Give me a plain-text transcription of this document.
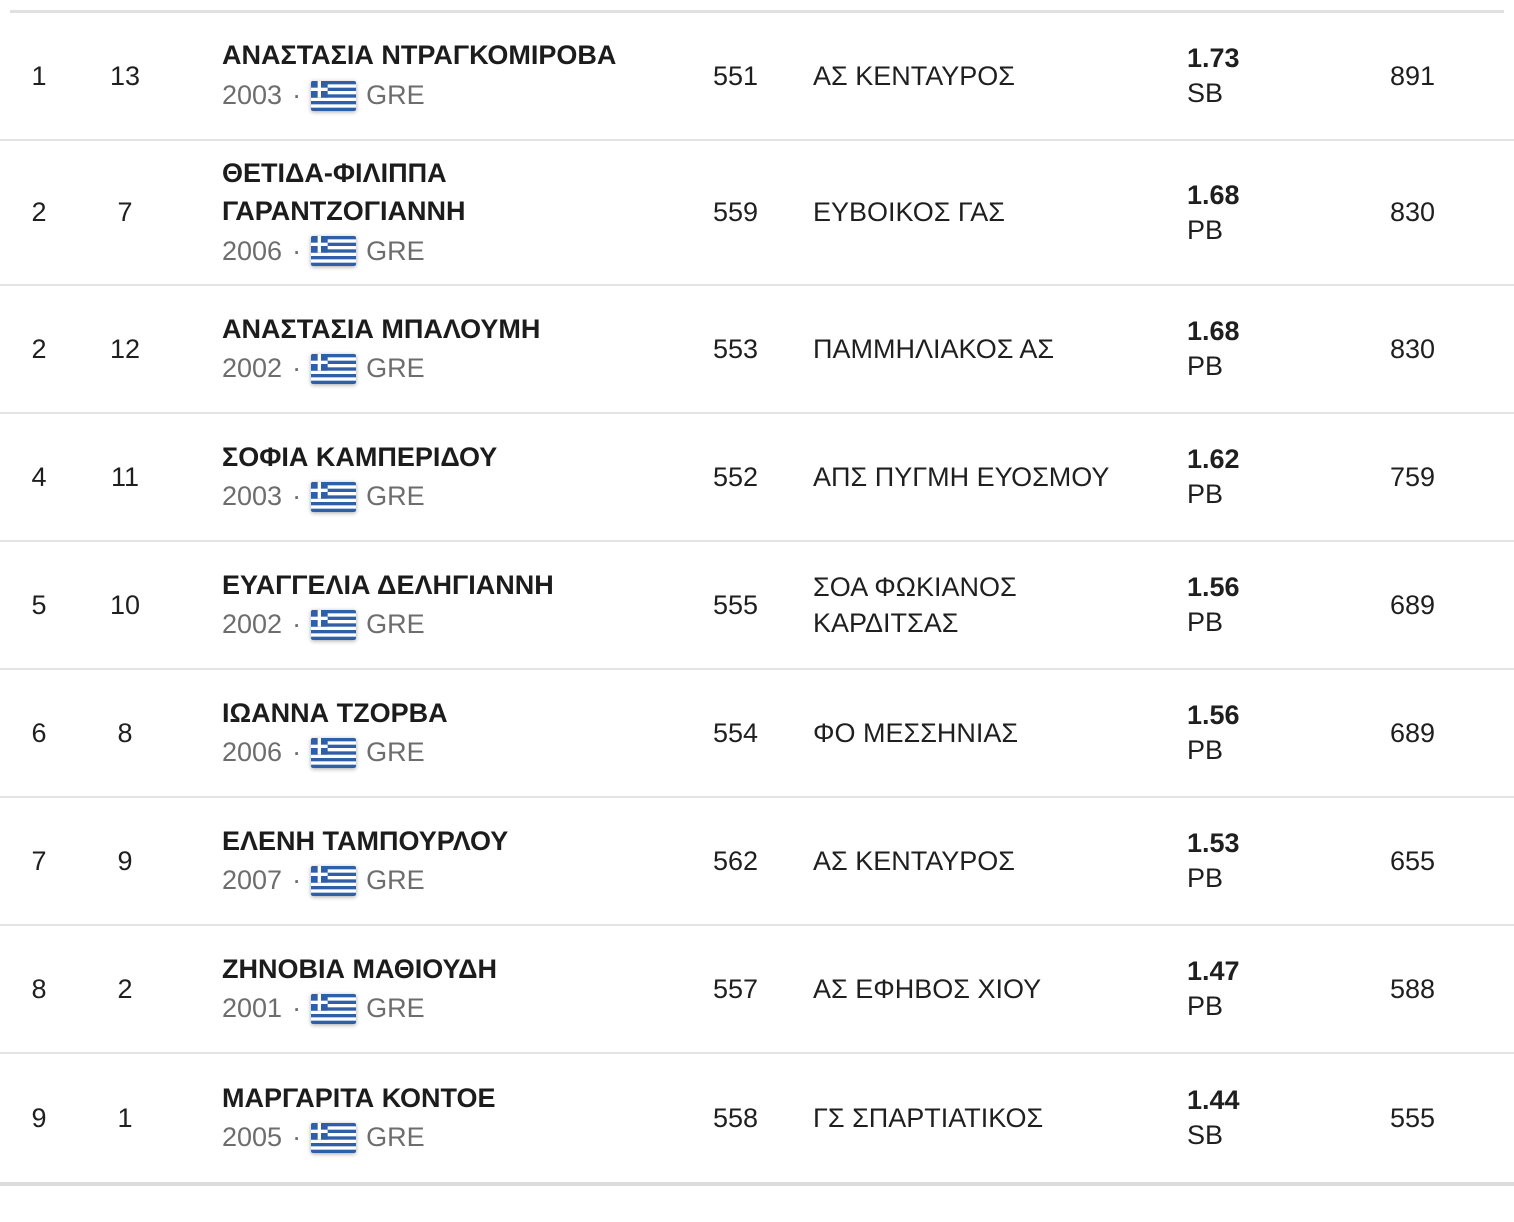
1	13
ΑΝΑΣΤΑΣΙΑ ΝΤΡΑΓΚΟΜΙΡΟΒΑ
2003 · GRE
551	ΑΣ ΚΕΝΤΑΥΡΟΣ
1.73
SB
891
2	7
ΘΕΤΙΔΑ-ΦΙΛΙΠΠΑ ΓΑΡΑΝΤΖΟΓΙΑΝΝΗ
2006 · GRE
559	ΕΥΒΟΙΚΟΣ ΓΑΣ
1.68
PB
830
2	12
ΑΝΑΣΤΑΣΙΑ ΜΠΑΛΟΥΜΗ
2002 · GRE
553	ΠΑΜΜΗΛΙΑΚΟΣ ΑΣ
1.68
PB
830
4	11
ΣΟΦΙΑ ΚΑΜΠΕΡΙΔΟΥ
2003 · GRE
552	ΑΠΣ ΠΥΓΜΗ ΕΥΟΣΜΟΥ
1.62
PB
759
5	10
ΕΥΑΓΓΕΛΙΑ ΔΕΛΗΓΙΑΝΝΗ
2002 · GRE
555
ΣΟΑ ΦΩΚΙΑΝΟΣ ΚΑΡΔΙΤΣΑΣ
1.56
PB
689
6	8
ΙΩΑΝΝΑ ΤΖΟΡΒΑ
2006 · GRE
554	ΦΟ ΜΕΣΣΗΝΙΑΣ
1.56
PB
689
7	9
ΕΛΕΝΗ ΤΑΜΠΟΥΡΛΟΥ
2007 · GRE
562	ΑΣ ΚΕΝΤΑΥΡΟΣ
1.53
PB
655
8	2
ΖΗΝΟΒΙΑ ΜΑΘΙΟΥΔΗ
2001 · GRE
557	ΑΣ ΕΦΗΒΟΣ ΧΙΟΥ
1.47
PB
588
9	1
ΜΑΡΓΑΡΙΤΑ ΚΟΝΤΟΕ
2005 · GRE
558	ΓΣ ΣΠΑΡΤΙΑΤΙΚΟΣ
1.44
SB
555
